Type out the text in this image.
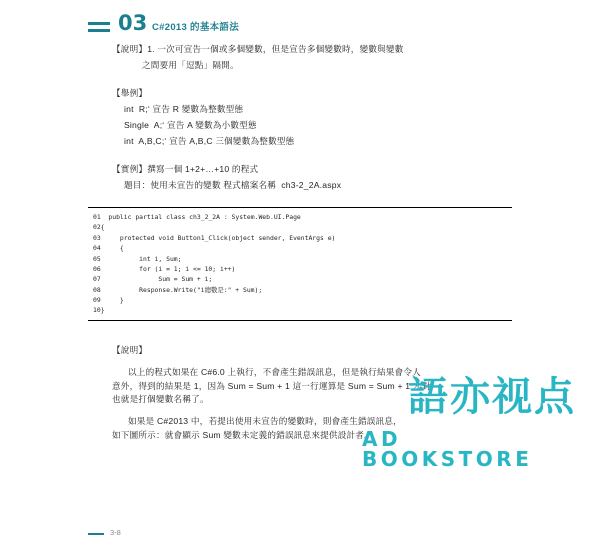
03 C#2013 的基本語法
【說明】1. 一次可宣告一個或多個變數，但是宣告多個變數時，變數與變數
之間要用「逗點」隔開。
【舉例】
int  R;‘ 宣告 R 變數為整數型態
Single  A;‘ 宣告 A 變數為小數型態
int  A,B,C;‘ 宣告 A,B,C 三個變數為整數型態
【實例】撰寫一個 1+2+…+10 的程式
題目：使用未宣告的變數 程式檔案名稱  ch3-2_2A.aspx
01  public partial class ch3_2_2A : System.Web.UI.Page
02{
03     protected void Button1_Click(object sender, EventArgs e)
04     {
05          int i, Sum;
06          for (i = 1; i <= 10; i++)
07               Sum = Sum + i;
08          Response.Write("i總數是:" + Sum);
09     }
10}
【說明】
以上的程式如果在 C#6.0 上執行，不會產生錯誤訊息，但是執行結果會令人
意外，得到的結果是 1，因為 Sum = Sum + 1 這一行運算是 Sum = Sum + 1 才對，
也就是打個變數名稱了。
如果是 C#2013 中，若提出使用未宣告的變數時，則會產生錯誤訊息，
如下圖所示：就會顯示 Sum 變數未定義的錯誤訊息來提供設計者。
語亦视点
AD BOOKSTORE
3-8
